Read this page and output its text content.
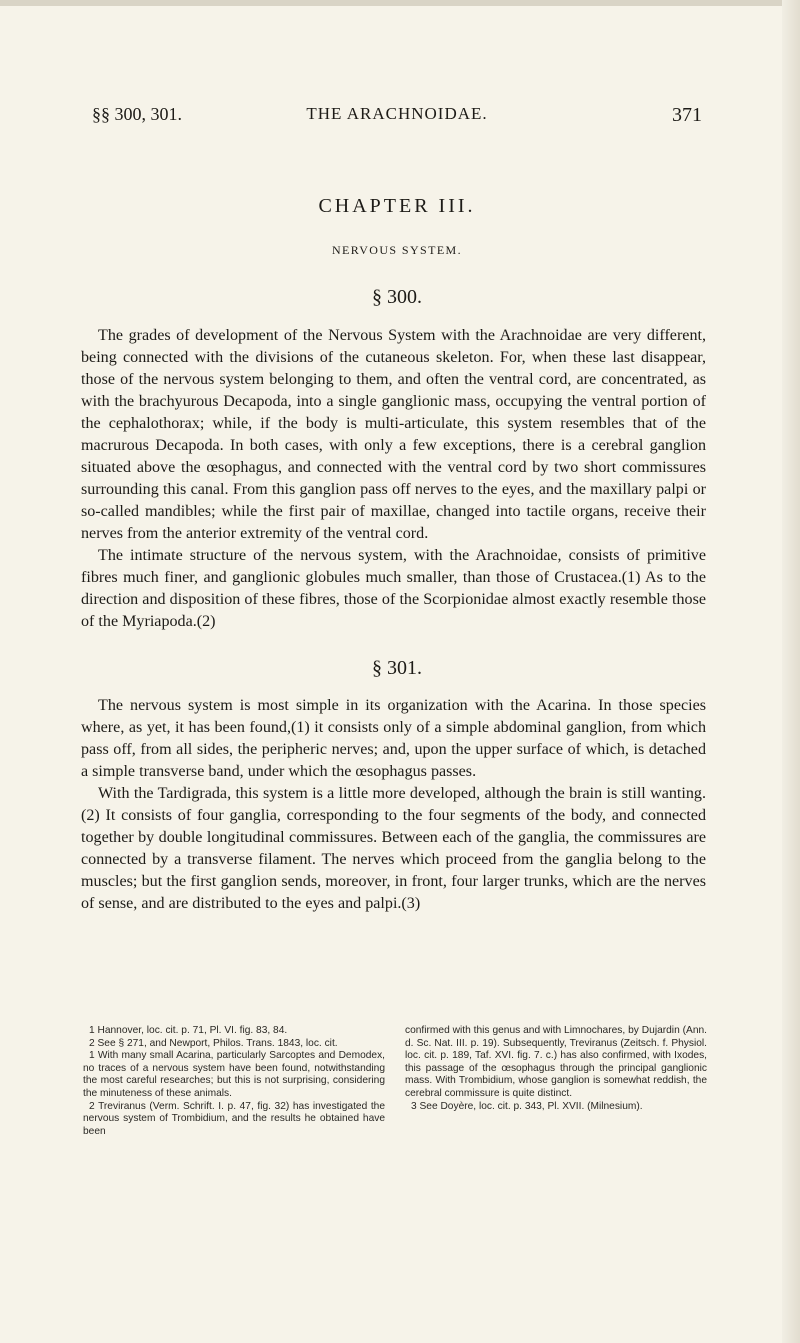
§§ 300, 301.	THE ARACHNOIDAE.	371
CHAPTER III.
NERVOUS SYSTEM.
§ 300.

The grades of development of the Nervous System with the Arachnoidae are very different, being connected with the divisions of the cutaneous skeleton. For, when these last disappear, those of the nervous system belonging to them, and often the ventral cord, are concentrated, as with the brachyurous Decapoda, into a single ganglionic mass, occupying the ventral portion of the cephalothorax; while, if the body is multi-articulate, this system resembles that of the macrurous Decapoda. In both cases, with only a few exceptions, there is a cerebral ganglion situated above the œsophagus, and connected with the ventral cord by two short commissures surrounding this canal. From this ganglion pass off nerves to the eyes, and the maxillary palpi or so-called mandibles; while the first pair of maxillae, changed into tactile organs, receive their nerves from the anterior extremity of the ventral cord.

The intimate structure of the nervous system, with the Arachnoidae, consists of primitive fibres much finer, and ganglionic globules much smaller, than those of Crustacea.(1) As to the direction and disposition of these fibres, those of the Scorpionidae almost exactly resemble those of the Myriapoda.(2)

§ 301.

The nervous system is most simple in its organization with the Acarina. In those species where, as yet, it has been found,(1) it consists only of a simple abdominal ganglion, from which pass off, from all sides, the peripheric nerves; and, upon the upper surface of which, is detached a simple transverse band, under which the œsophagus passes.

With the Tardigrada, this system is a little more developed, although the brain is still wanting.(2) It consists of four ganglia, corresponding to the four segments of the body, and connected together by double longitudinal commissures. Between each of the ganglia, the commissures are connected by a transverse filament. The nerves which proceed from the ganglia belong to the muscles; but the first ganglion sends, moreover, in front, four larger trunks, which are the nerves of sense, and are distributed to the eyes and palpi.(3)

1 Hannover, loc. cit. p. 71, Pl. VI. fig. 83, 84.

2 See § 271, and Newport, Philos. Trans. 1843, loc. cit.

1 With many small Acarina, particularly Sarcoptes and Demodex, no traces of a nervous system have been found, notwithstanding the most careful researches; but this is not surprising, considering the minuteness of these animals.

2 Treviranus (Verm. Schrift. I. p. 47, fig. 32) has investigated the nervous system of Trombidium, and the results he obtained have been

confirmed with this genus and with Limnochares, by Dujardin (Ann. d. Sc. Nat. III. p. 19). Subsequently, Treviranus (Zeitsch. f. Physiol. loc. cit. p. 189, Taf. XVI. fig. 7. c.) has also confirmed, with Ixodes, this passage of the œsophagus through the principal ganglionic mass. With Trombidium, whose ganglion is somewhat reddish, the cerebral commissure is quite distinct.

3 See Doyère, loc. cit. p. 343, Pl. XVII. (Milnesium).
